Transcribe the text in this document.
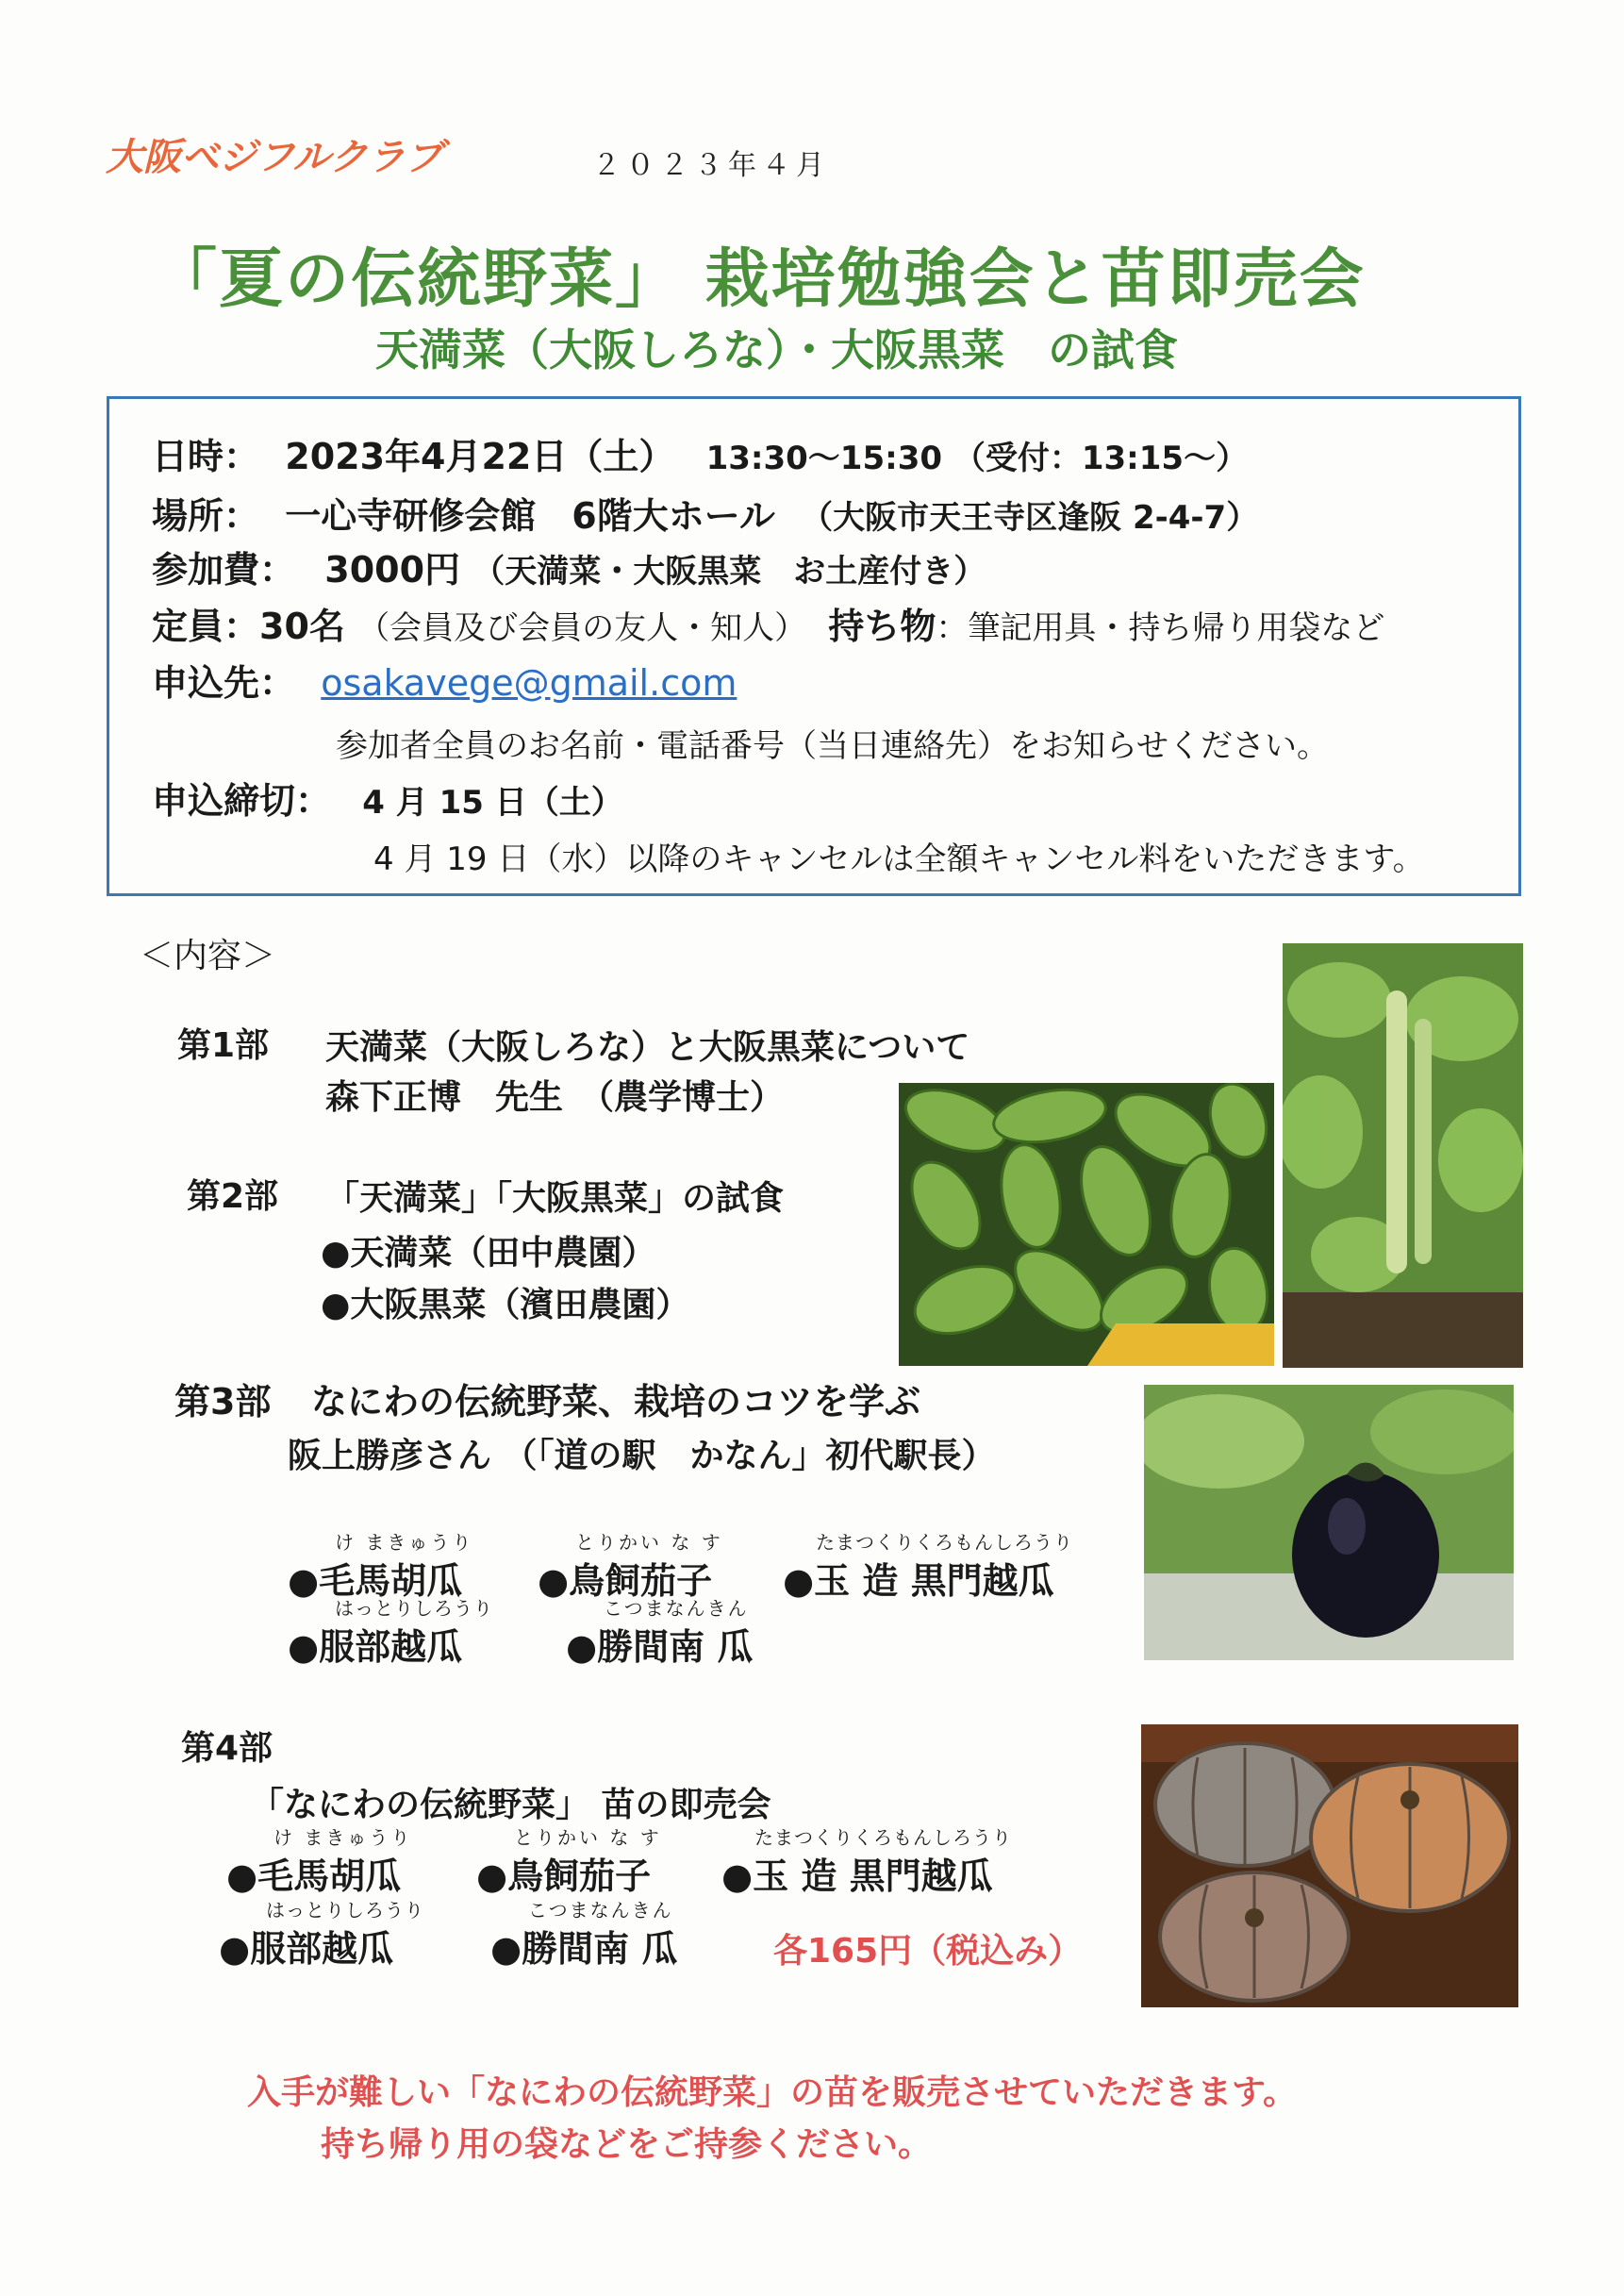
大阪ベジフルクラブ	２０２３年４月
「夏の伝統野菜」 栽培勉強会と苗即売会
天満菜（大阪しろな）・大阪黒菜　の試食
日時： 2023年4月22日（土） 13:30〜15:30 （受付：13:15〜）
場所： 一心寺研修会館　6階大ホール （大阪市天王寺区逢阪 2-4-7）
参加費： 3000円 （天満菜・大阪黒菜　お土産付き）
定員：30名 （会員及び会員の友人・知人） 持ち物：筆記用具・持ち帰り用袋など
申込先： osakavege@gmail.com
参加者全員のお名前・電話番号（当日連絡先）をお知らせください。
申込締切： 4 月 15 日（土）
4 月 19 日（水）以降のキャンセルは全額キャンセル料をいただきます。
＜内容＞
第1部 天満菜（大阪しろな）と大阪黒菜について
森下正博　先生　（農学博士）
第2部 「天満菜」「大阪黒菜」の試食
●天満菜（田中農園）
●大阪黒菜（濱田農園）
第3部 なにわの伝統野菜、栽培のコツを学ぶ
阪上勝彦さん （「道の駅　かなん」初代駅長）
け まきゅうり
●毛馬胡瓜
とりかい な す
●鳥飼茄子
たまつくりくろもんしろうり
●玉 造 黒門越瓜
はっとりしろうり
●服部越瓜
こつまなんきん
●勝間南 瓜
第4部
「なにわの伝統野菜」 苗の即売会
け まきゅうり
●毛馬胡瓜
とりかい な す
●鳥飼茄子
たまつくりくろもんしろうり
●玉 造 黒門越瓜
はっとりしろうり
●服部越瓜
こつまなんきん
●勝間南 瓜	各165円（税込み）
入手が難しい「なにわの伝統野菜」の苗を販売させていただきます。
持ち帰り用の袋などをご持参ください。
